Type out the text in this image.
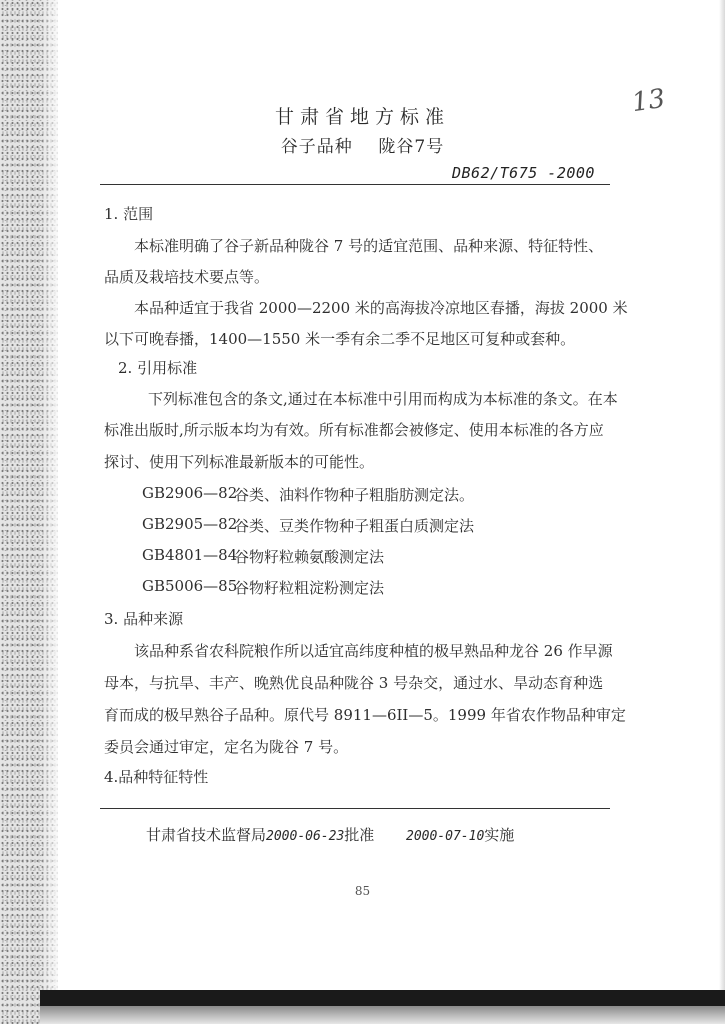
甘肃省地方标准
谷子品种    陇谷7号
13
DB62/T675 -2000
1. 范围
本标准明确了谷子新品种陇谷 7 号的适宜范围、品种来源、特征特性、
品质及栽培技术要点等。
本品种适宜于我省 2000—2200 米的高海拔冷凉地区春播，海拔 2000 米
以下可晚春播，1400—1550 米一季有余二季不足地区可复种或套种。
2. 引用标准
下列标准包含的条文,通过在本标准中引用而构成为本标准的条文。在本
标准出版时,所示版本均为有效。所有标准都会被修定、使用本标准的各方应
探讨、使用下列标准最新版本的可能性。
GB2906—82
谷类、油料作物种子粗脂肪测定法。
GB2905—82
谷类、豆类作物种子粗蛋白质测定法
GB4801—84
谷物籽粒赖氨酸测定法
GB5006—85
谷物籽粒粗淀粉测定法
3. 品种来源
该品种系省农科院粮作所以适宜高纬度种植的极早熟品种龙谷 26 作早源
母本，与抗旱、丰产、晚熟优良品种陇谷 3 号杂交，通过水、旱动态育种选
育而成的极早熟谷子品种。原代号 8911—6II—5。1999 年省农作物品种审定
委员会通过审定，定名为陇谷 7 号。
4.品种特征特性
甘肃省技术监督局2000-06-23批准 2000-07-10实施
85
